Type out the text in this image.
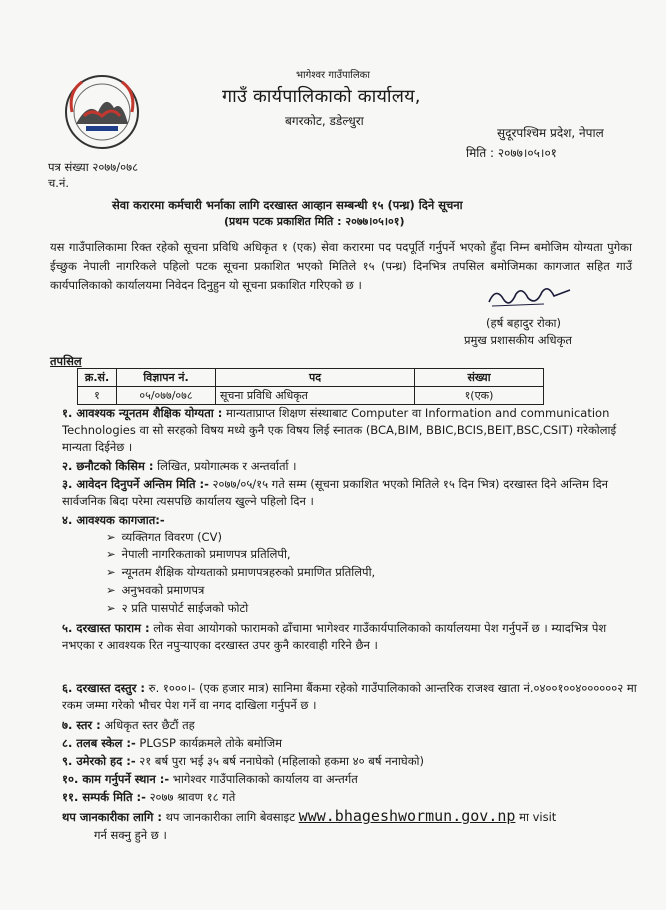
भागेश्वर गाउँपालिका
गाउँ कार्यपालिकाको कार्यालय,
बगरकोट, डडेल्धुरा
सुदूरपश्चिम प्रदेश, नेपाल
मिति : २०७७।०५।०१
पत्र संख्या २०७७/०७८
च.नं.
सेवा करारमा कर्मचारी भर्नाका लागि दरखास्त आव्हान सम्बन्धी १५ (पन्ध्र) दिने सूचना
(प्रथम पटक प्रकाशित मिति : २०७७।०५।०१)
यस गाउँपालिकामा रिक्त रहेको सूचना प्रविधि अधिकृत १ (एक) सेवा करारमा पद पदपूर्ति गर्नुपर्ने भएको हुँदा निम्न बमोजिम योग्यता पुगेका ईच्छुक नेपाली नागरिकले पहिलो पटक सूचना प्रकाशित भएको मितिले १५ (पन्ध्र) दिनभित्र तपसिल बमोजिमका कागजात सहित गाउँ कार्यपालिकाको कार्यालयमा निवेदन दिनुहुन यो सूचना प्रकाशित गरिएको छ ।
(हर्ष बहादुर रोका)
प्रमुख प्रशासकीय अधिकृत
तपसिल
क्र.सं.	विज्ञापन नं.	पद	संख्या
१	०५/०७७/०७८	सूचना प्रविधि अधिकृत	१(एक)
१. आवश्यक न्यूनतम शैक्षिक योग्यता : मान्यताप्राप्त शिक्षण संस्थाबाट Computer वा Information and communication Technologies वा सो सरहको विषय मध्ये कुनै एक विषय लिई स्नातक (BCA,BIM, BBIC,BCIS,BEIT,BSC,CSIT) गरेकोलाई मान्यता दिईनेछ ।
२. छनौटको किसिम : लिखित, प्रयोगात्मक र अन्तर्वार्ता ।
३. आवेदन दिनुपर्ने अन्तिम मिति :- २०७७/०५/१५ गते सम्म (सूचना प्रकाशित भएको मितिले १५ दिन भित्र) दरखास्त दिने अन्तिम दिन सार्वजनिक बिदा परेमा त्यसपछि कार्यालय खुल्ने पहिलो दिन ।
४. आवश्यक कागजात:-
➢ व्यक्तिगत विवरण (CV)
➢ नेपाली नागरिकताको प्रमाणपत्र प्रतिलिपी,
➢ न्यूनतम शैक्षिक योग्यताको प्रमाणपत्रहरुको प्रमाणित प्रतिलिपी,
➢ अनुभवको प्रमाणपत्र
➢ २ प्रति पासपोर्ट साईजको फोटो
५. दरखास्त फाराम : लोक सेवा आयोगको फारामको ढाँचामा भागेश्वर गाउँकार्यपालिकाको कार्यालयमा पेश गर्नुपर्ने छ । म्यादभित्र पेश नभएका र आवश्यक रित नपुर्‍याएका दरखास्त उपर कुनै कारवाही गरिने छैन ।
६. दरखास्त दस्तुर : रु. १०००।- (एक हजार मात्र) सानिमा बैंकमा रहेको गाउँपालिकाको आन्तरिक राजश्व खाता नं.०४००१००४००००००२ मा रकम जम्मा गरेको भौचर पेश गर्ने वा नगद दाखिला गर्नुपर्ने छ ।
७. स्तर : अधिकृत स्तर छैटौं तह
८. तलब स्केल :- PLGSP कार्यक्रमले तोके बमोजिम
९. उमेरको हद :- २१ बर्ष पुरा भई ३५ बर्ष ननाघेको (महिलाको हकमा ४० बर्ष ननाघेको)
१०. काम गर्नुपर्ने स्थान :- भागेश्वर गाउँपालिकाको कार्यालय वा अन्तर्गत
११. सम्पर्क मिति :- २०७७ श्रावण १८ गते
थप जानकारीका लागि : थप जानकारीका लागि बेवसाइट www.bhageshwormun.gov.np मा visit
गर्न सक्नु हुने छ ।
